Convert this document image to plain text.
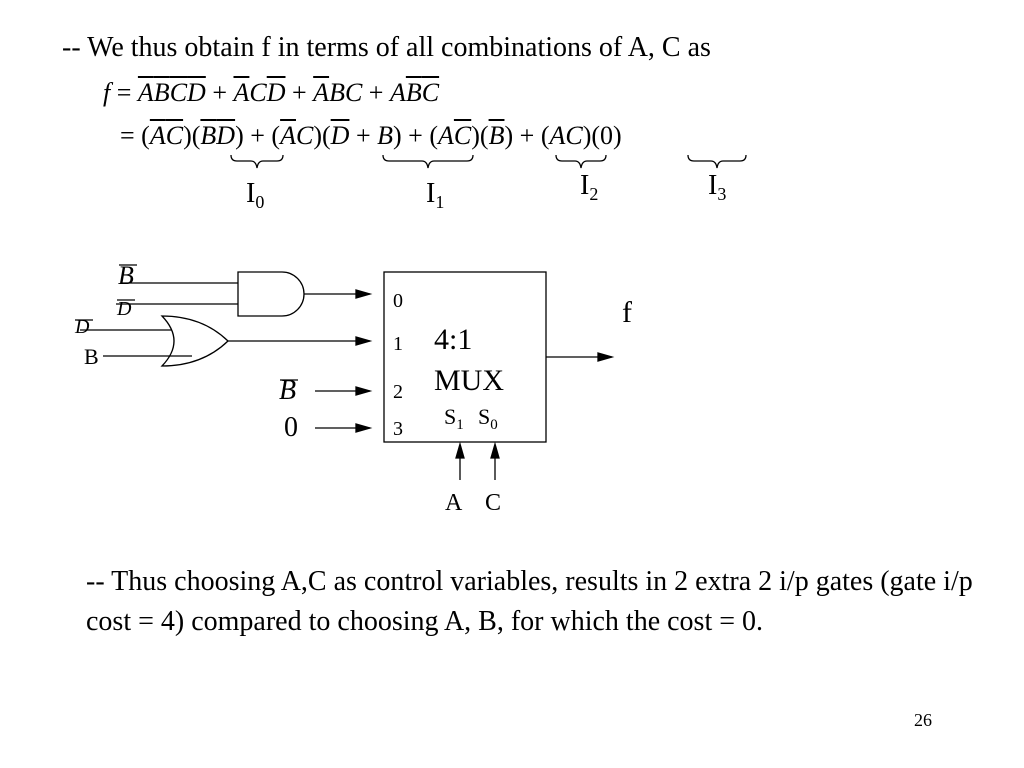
-- We thus obtain f in terms of all combinations of A, C as
$f = \overline{A}\overline{B}\overline{C}\overline{D} + \overline{A}C\overline{D} + \overline{A}BC + A\overline{B}\overline{C}$
= $(\overline{A}\overline{C})(\overline{B}\overline{D}) + (\overline{A}C)(\overline{D} + B) + (A\overline{C})(\overline{B}) + (AC)(0)$
$I_0$	$I_1$
$I_2$	$I_3$
B
D
D
B
B
0
0
1
2
3
4:1
MUX
$S_1$ $S_0$
A C
f
-- Thus choosing A,C as control variables, results in 2 extra 2 i/p gates (gate i/p cost = 4) compared to choosing A, B, for which the cost = 0.
26
